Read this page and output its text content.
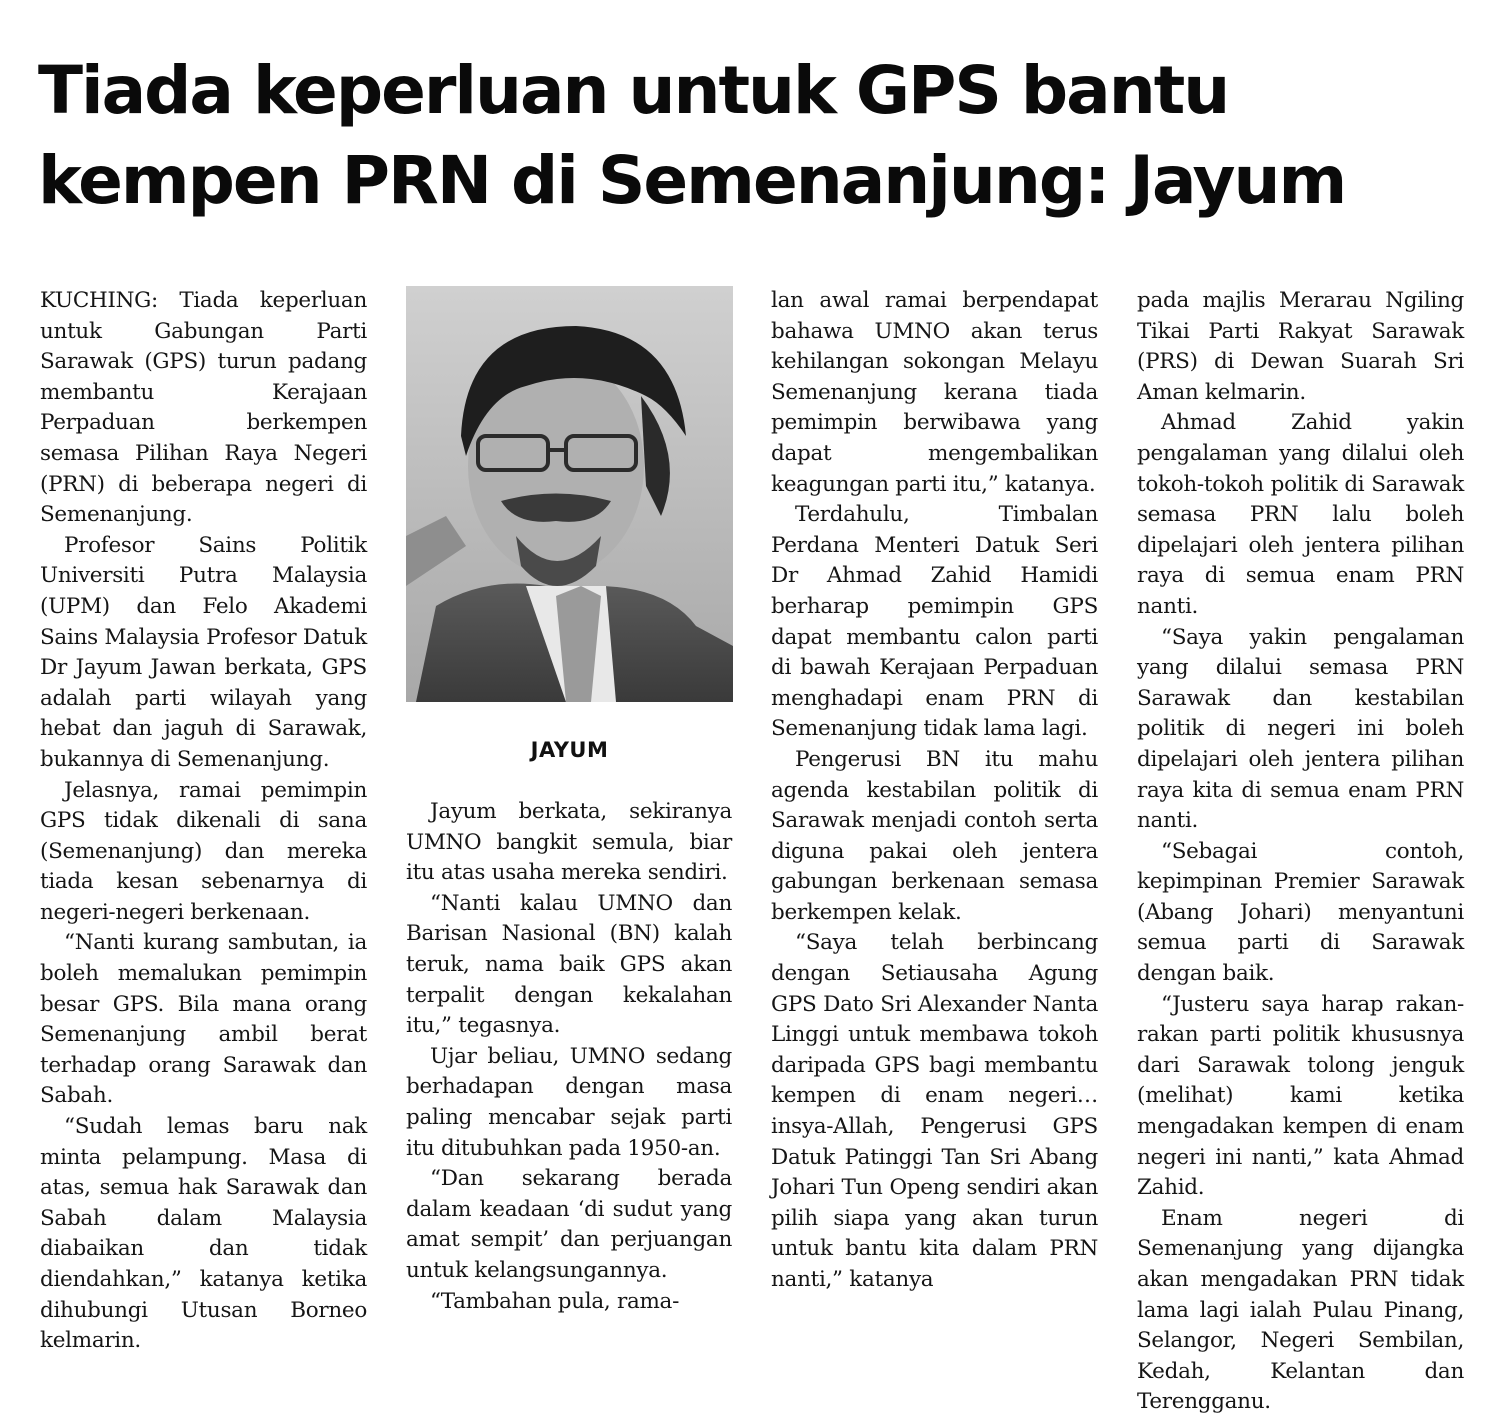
Tiada keperluan untuk GPS bantu
kempen PRN di Semenanjung: Jayum

KUCHING: Tiada keperluan untuk Gabungan Parti Sarawak (GPS) turun padang membantu Kerajaan Perpaduan berkempen semasa Pilihan Raya Negeri (PRN) di beberapa negeri di Semenanjung.

Profesor Sains Politik Universiti Putra Malaysia (UPM) dan Felo Akademi Sains Malaysia Profesor Datuk Dr Jayum Jawan berkata, GPS adalah parti wilayah yang hebat dan jaguh di Sarawak, bukannya di Semenanjung.

Jelasnya, ramai pemimpin GPS tidak dikenali di sana (Semenanjung) dan mereka tiada kesan sebenarnya di negeri-negeri berkenaan.

“Nanti kurang sambutan, ia boleh memalukan pemimpin besar GPS. Bila mana orang Semenanjung ambil berat terhadap orang Sarawak dan Sabah.

“Sudah lemas baru nak minta pelampung. Masa di atas, semua hak Sarawak dan Sabah dalam Malaysia diabaikan dan tidak diendahkan,” katanya ketika dihubungi Utusan Borneo kelmarin.

JAYUM

Jayum berkata, sekiranya UMNO bangkit semula, biar itu atas usaha mereka sendiri.

“Nanti kalau UMNO dan Barisan Nasional (BN) kalah teruk, nama baik GPS akan terpalit dengan kekalahan itu,” tegasnya.

Ujar beliau, UMNO sedang berhadapan dengan masa paling mencabar sejak parti itu ditubuhkan pada 1950-an.

“Dan sekarang berada dalam keadaan ‘di sudut yang amat sempit’ dan perjuangan untuk kelangsungannya.

“Tambahan pula, rama-

lan awal ramai berpendapat bahawa UMNO akan terus kehilangan sokongan Melayu Semenanjung kerana tiada pemimpin berwibawa yang dapat mengembalikan keagungan parti itu,” katanya.

Terdahulu, Timbalan Perdana Menteri Datuk Seri Dr Ahmad Zahid Hamidi berharap pemimpin GPS dapat membantu calon parti di bawah Kerajaan Perpaduan menghadapi enam PRN di Semenanjung tidak lama lagi.

Pengerusi BN itu mahu agenda kestabilan politik di Sarawak menjadi contoh serta diguna pakai oleh jentera gabungan berkenaan semasa berkempen kelak.

“Saya telah berbincang dengan Setiausaha Agung GPS Dato Sri Alexander Nanta Linggi untuk membawa tokoh daripada GPS bagi membantu kempen di enam negeri…insya-Allah, Pengerusi GPS Datuk Patinggi Tan Sri Abang Johari Tun Openg sendiri akan pilih siapa yang akan turun untuk bantu kita dalam PRN nanti,” katanya

pada majlis Merarau Ngiling Tikai Parti Rakyat Sarawak (PRS) di Dewan Suarah Sri Aman kelmarin.

Ahmad Zahid yakin pengalaman yang dilalui oleh tokoh-tokoh politik di Sarawak semasa PRN lalu boleh dipelajari oleh jentera pilihan raya di semua enam PRN nanti.

“Saya yakin pengalaman yang dilalui semasa PRN Sarawak dan kestabilan politik di negeri ini boleh dipelajari oleh jentera pilihan raya kita di semua enam PRN nanti.

“Sebagai contoh, kepimpinan Premier Sarawak (Abang Johari) menyantuni semua parti di Sarawak dengan baik.

“Justeru saya harap rakan-rakan parti politik khususnya dari Sarawak tolong jenguk (melihat) kami ketika mengadakan kempen di enam negeri ini nanti,” kata Ahmad Zahid.

Enam negeri di Semenanjung yang dijangka akan mengadakan PRN tidak lama lagi ialah Pulau Pinang, Selangor, Negeri Sembilan, Kedah, Kelantan dan Terengganu.
